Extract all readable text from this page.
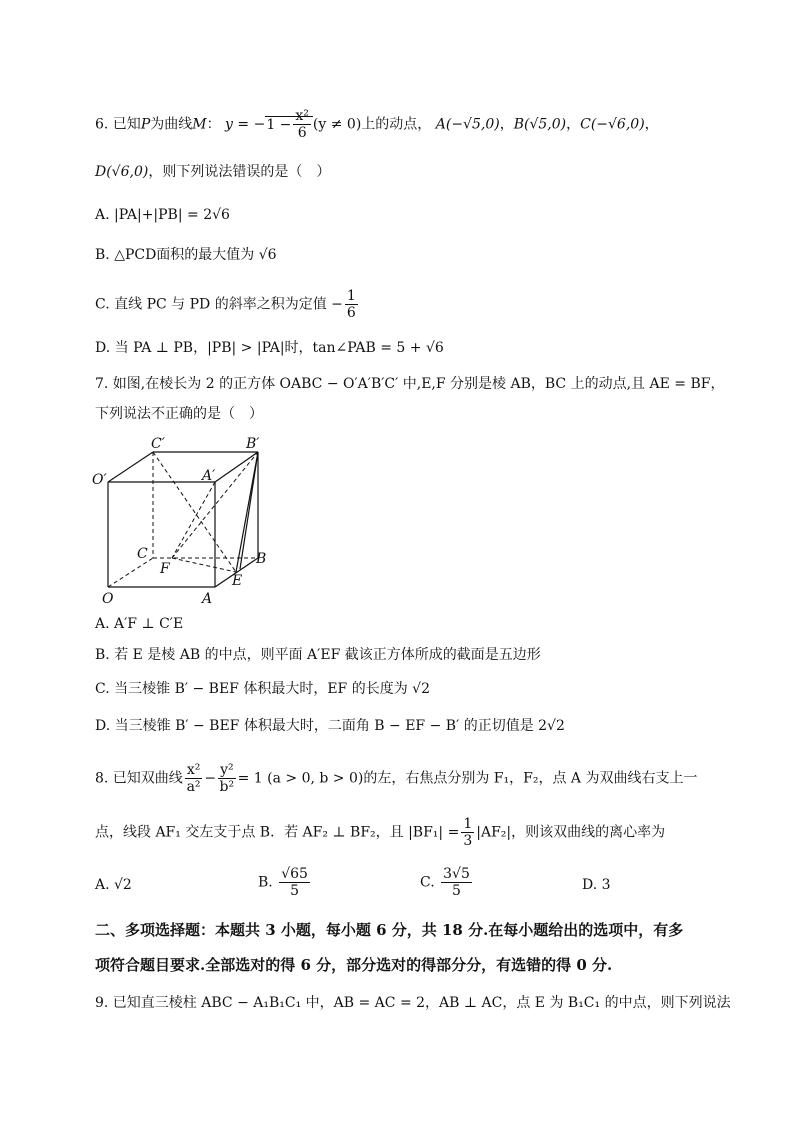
6. 已知P为曲线M： $y = -1 - \frac{\text{x²}}{6} (y \ne 0)$上的动点， A(−√5,0)，B(√5,0)，C(−√6,0)，
D(√6,0)，则下列说法错误的是（　）
A. |PA|+|PB| = 2√6
B. △PCD面积的最大值为 √6
C. 直线 PC 与 PD 的斜率之积为定值 − $\frac{1}{6}$
D. 当 PA ⊥ PB，|PB| > |PA|时，tan∠PAB = 5 + √6
7. 如图,在棱长为 2 的正方体 OABC − O′A′B′C′ 中,E,F 分别是棱 AB，BC 上的动点,且 AE = BF，
下列说法不正确的是（　）
C′	B′
A′
O′
C
F
B
E
O	A
A. A′F ⊥ C′E
B. 若 E 是棱 AB 的中点，则平面 A′EF 截该正方体所成的截面是五边形
C. 当三棱锥 B′ − BEF 体积最大时，EF 的长度为 √2
D. 当三棱锥 B′ − BEF 体积最大时，二面角 B − EF − B′ 的正切值是 2√2
8. 已知双曲线 $\frac{\text{x²}}{\text{a²}} - \frac{\text{y²}}{\text{b²}} = 1$ (a > 0, b > 0)的左，右焦点分别为 F₁，F₂，点 A 为双曲线右支上一
点，线段 AF₁ 交左支于点 B．若 AF₂ ⊥ BF₂，且 $|BF_1| = \frac{1}{3} |AF_2|$，则该双曲线的离心率为
A. √2	B. $\frac{√65}{5}$	C. $\frac{3√5}{5}$	D. 3
二、多项选择题：本题共 3 小题，每小题 6 分，共 18 分.在每小题给出的选项中，有多
项符合题目要求.全部选对的得 6 分，部分选对的得部分分，有选错的得 0 分.
9. 已知直三棱柱 ABC − A₁B₁C₁ 中，AB = AC = 2，AB ⊥ AC，点 E 为 B₁C₁ 的中点，则下列说法
